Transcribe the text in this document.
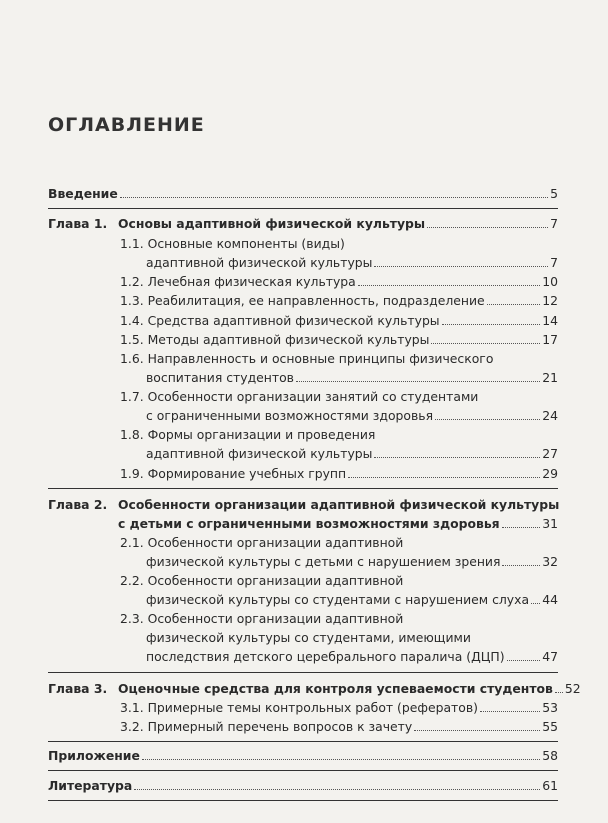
ОГЛАВЛЕНИЕ
Введение	5
Глава 1. Основы адаптивной физической культуры	7
1.1. Основные компоненты (виды)
адаптивной физической культуры	7
1.2. Лечебная физическая культура	10
1.3. Реабилитация, ее направленность, подразделение	12
1.4. Средства адаптивной физической культуры	14
1.5. Методы адаптивной физической культуры	17
1.6. Направленность и основные принципы физического
воспитания студентов	21
1.7. Особенности организации занятий со студентами
с ограниченными возможностями здоровья	24
1.8. Формы организации и проведения
адаптивной физической культуры	27
1.9. Формирование учебных групп	29
Глава 2. Особенности организации адаптивной физической культуры
с детьми с ограниченными возможностями здоровья	31
2.1. Особенности организации адаптивной
физической культуры с детьми с нарушением зрения	32
2.2. Особенности организации адаптивной
физической культуры со студентами с нарушением слуха 44
2.3. Особенности организации адаптивной
физической культуры со студентами, имеющими
последствия детского церебрального паралича (ДЦП)	47
Глава 3. Оценочные средства для контроля успеваемости студентов 52
3.1. Примерные темы контрольных работ (рефератов)	53
3.2. Примерный перечень вопросов к зачету	55
Приложение	58
Литература	61
